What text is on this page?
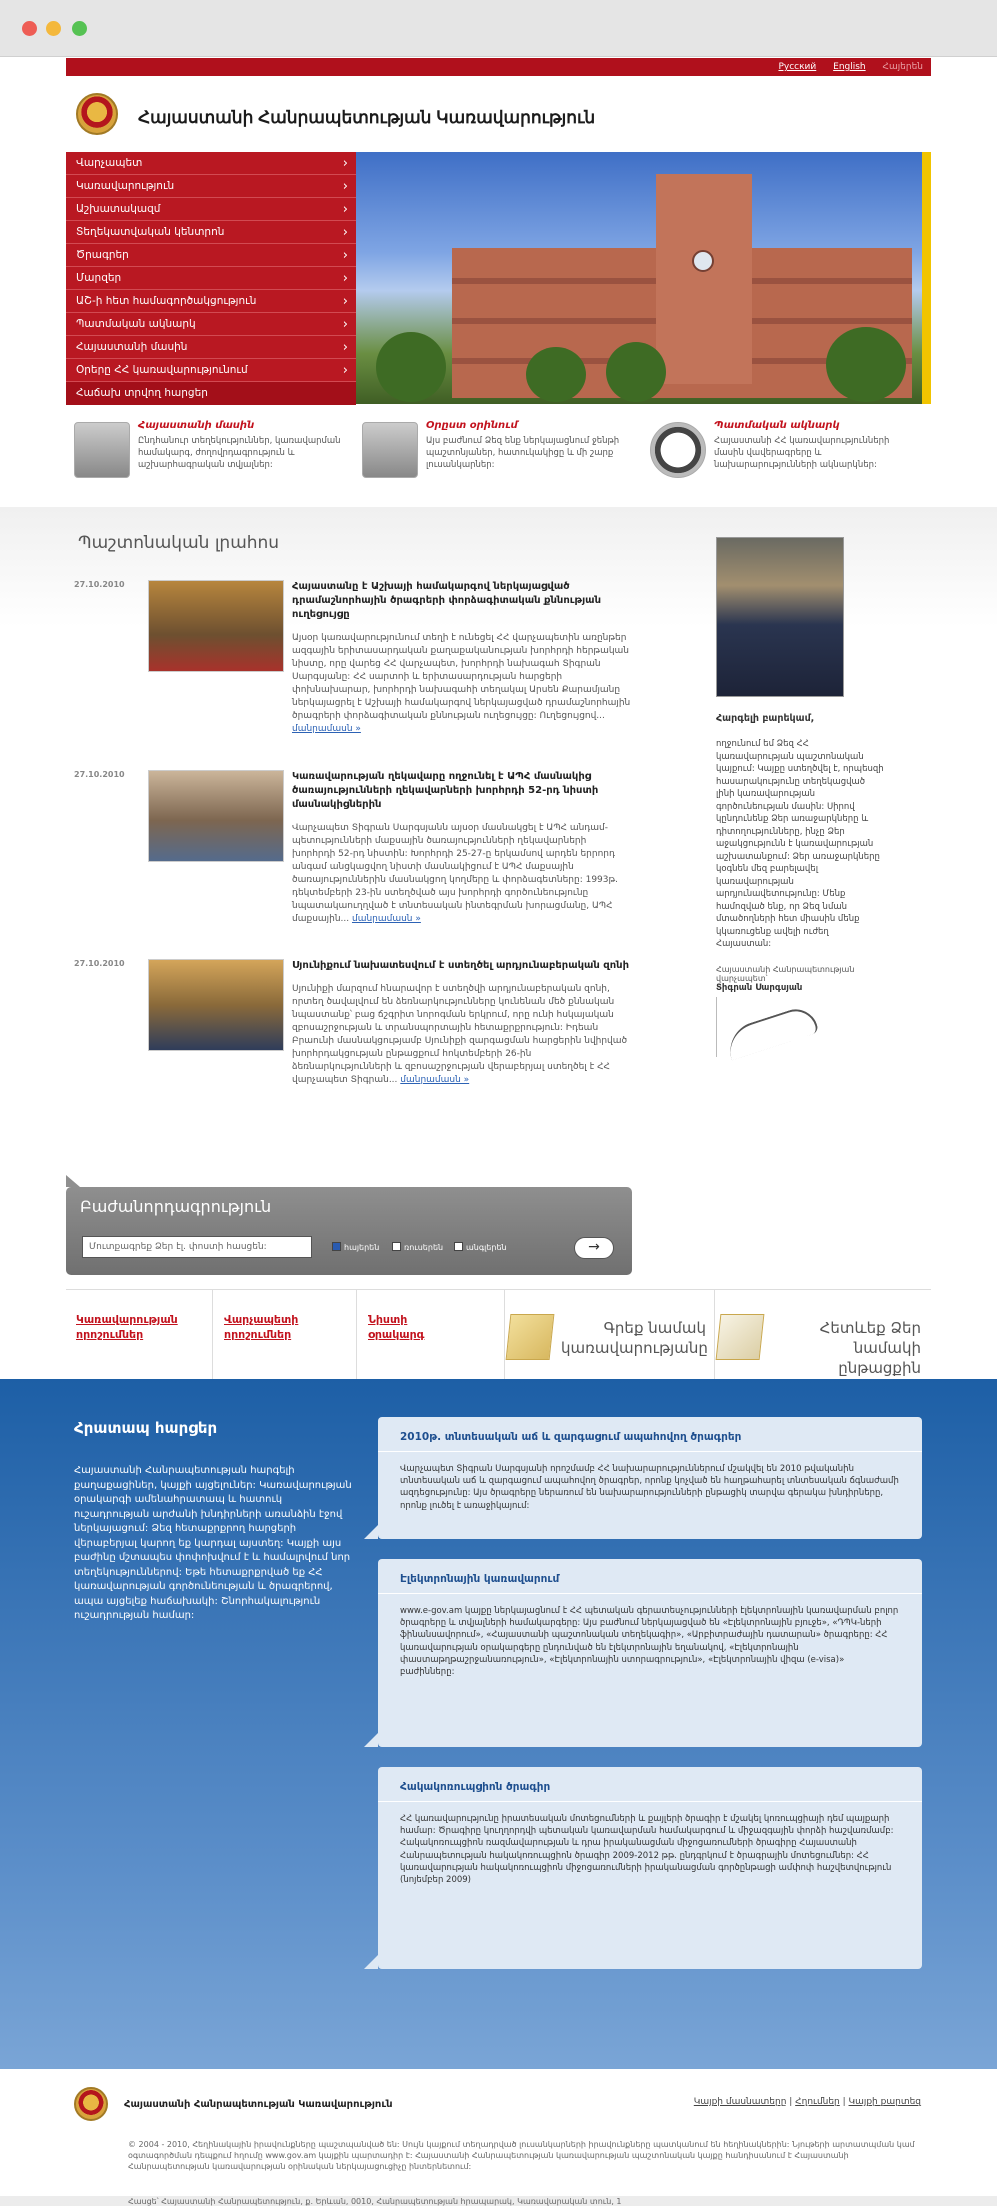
Русский English Հայերեն
Հայաստանի Հանրապետության Կառավարություն
Վարչապետ ›
Կառավարություն ›
Աշխատակազմ ›
Տեղեկատվական կենտրոն ›
Ծրագրեր ›
Մարզեր ›
ԱՇ-ի հետ համագործակցություն ›
Պատմական ակնարկ ›
Հայաստանի մասին ›
Օրերը ՀՀ կառավարությունում ›
Հաճախ տրվող հարցեր
Հայաստանի մասին
Ընդհանուր տեղեկություններ, կառավարման համակարգ, ժողովրդագրություն և աշխարհագրական տվյալներ:
Օրըստ օրինում
Այս բաժնում Ձեզ ենք ներկայացնում ջենթի պաշտոնյաներ, հատուկակիցը և մի շարք լուսանկարներ:
Պատմական ակնարկ
Հայաստանի ՀՀ կառավարությունների մասին վավերագրերը և նախարարությունների ակնարկներ:
Պաշտոնական լրահոս
27.10.2010	Հայաստանը է Աշխայի համակարգով ներկայացված դրամաշնորհային ծրագրերի փորձագիտական քննության ուղեցույցը
Այսօր կառավարությունում տեղի է ունեցել ՀՀ վարչապետին առընթեր ազգային երիտասարդական քաղաքականության խորհրդի հերթական նիստը, որը վարեց ՀՀ վարչապետ, խորհրդի նախագահ Տիգրան Սարգսյանը: ՀՀ սարտոի և երիտասարդության հարցերի փոխնախարար, խորհրդի նախագահի տեղակալ Արսեն Քարամյանը ներկայացրել է Աշխայի համակարգով ներկայացված դրամաշնորհային ծրագրերի փորձագիտական քննության ուղեցույցը: Ուղեցույցով... մանրամասն »
27.10.2010	Կառավարության ղեկավարը ողջունել է ԱՊՀ մասնակից ծառայությունների ղեկավարների խորհրդի 52-րդ նիստի մասնակիցներին
Վարչապետ Տիգրան Սարգսյանն այսօր մասնակցել է ԱՊՀ անդամ-պետությունների մաքսային ծառայությունների ղեկավարների խորհրդի 52-րդ նիստին: Խորհրդի 25-27-ը երկամսով արդեն երրորդ անգամ անցկացվող նիստի մասնակիցում է ԱՊՀ մաքսային ծառայություններին մասնակցող կողմերը և փորձագետները: 1993թ. դեկտեմբերի 23-ին ստեղծված այս խորհրդի գործունեությունը նպատակաուղղված է տնտեսական ինտեգրման խորացմանը, ԱՊՀ մաքսային... մանրամասն »
27.10.2010	Սյունիքում նախատեսվում է ստեղծել արդյունաբերական զոնի
Սյունիքի մարզում հնարավոր է ստեղծվի արդյունաբերական զոնի, որտեղ ծավալվում են ձեռնարկությունները կունենան մեծ քննական նպաստանք՝ բաց ճշգրիտ նորոգման երկրում, որը ունի հսկայական զբոսաշրջության և տրանսպորտային հետաքրքրություն: Իդեան Բրաունի մասնակցությամբ Սյունիքի զարգացման հարցերին նվիրված խորհրդակցության ընթացքում հոկտեմբերի 26-ին ձեռնարկությունների և զբոսաշրջության վերաբերյալ ստեղծել է ՀՀ վարչապետ Տիգրան... մանրամասն »
Հարգելի բարեկամ,
ողջունում եմ Ձեզ ՀՀ կառավարության պաշտոնական կայքում: Կայքը ստեղծվել է, որպեսզի հասարակությունը տեղեկացված լինի կառավարության գործունեության մասին: Սիրով կընդունենք Ձեր առաջարկները և դիտողությունները, ինչը Ձեր աջակցությունն է կառավարության աշխատանքում: Ձեր առաջարկները կօգնեն մեզ բարելավել կառավարության արդյունավետությունը: Մենք համոզված ենք, որ Ձեզ նման մտածողների հետ միասին մենք կկառուցենք ավելի ուժեղ Հայաստան:
Հայաստանի Հանրապետության վարչապետ՝
Տիգրան Սարգսյան
Բաժանորդագրություն
Մուտքագրեք Ձեր էլ. փոստի հասցեն:	հայերեն	ռուսերեն	անգլերեն	→
Կառավարության որոշումներ
Վարչապետի որոշումներ
Նիստի օրակարգ	Գրեք նամակ կառավարությանը
Հետևեք Ձեր նամակի ընթացքին
Հրատապ հարցեր
Հայաստանի Հանրապետության հարգելի քաղաքացիներ, կայքի այցելուներ: Կառավարության օրակարգի ամենահրատապ և հատուկ ուշադրության արժանի խնդիրների առանձին էջով ներկայացում: Ձեզ հետաքրքրող հարցերի վերաբերյալ կարող եք կարդալ այստեղ: Կայքի այս բաժինը մշտապես փոփոխվում է և համալրվում նոր տեղեկություններով: Եթե հետաքրքրված եք ՀՀ կառավարության գործունեության և ծրագրերով, ապա այցելեք հաճախակի: Շնորհակալություն ուշադրության համար:
2010թ. տնտեսական աճ և զարգացում ապահովող ծրագրեր
Վարչապետ Տիգրան Սարգսյանի որոշմամբ ՀՀ նախարարություններում մշակվել են 2010 թվականին տնտեսական աճ և զարգացում ապահովող ծրագրեր, որոնք կոչված են հաղթահարել տնտեսական ճգնաժամի ազդեցությունը: Այս ծրագրերը ներառում են նախարարությունների ընթացիկ տարվա գերակա խնդիրները, որոնք լուծել է առաջիկայում:
Էլեկտրոնային կառավարում
www.e-gov.am կայքը ներկայացնում է ՀՀ պետական գերատեսչությունների էլեկտրոնային կառավարման բոլոր ծրագրերը և տվյալների համակարգերը: Այս բաժնում ներկայացված են «Էլեկտրոնային բյուջե», «ԴՊԿ-ների ֆինանսավորում», «Հայաստանի պաշտոնական տեղեկագիր», «Արբիտրաժային դատարան» ծրագրերը: ՀՀ կառավարության օրակարգերը ընդունված են էլեկտրոնային եղանակով, «Էլեկտրոնային փաստաթղթաշրջանառություն», «Էլեկտրոնային ստորագրություն», «Էլեկտրոնային վիզա (e-visa)» բաժինները:
Հակակոռուպցիոն ծրագիր
ՀՀ կառավարությունը իրատեսական մոտեցումների և քայլերի ծրագիր է մշակել կոռուպցիայի դեմ պայքարի համար: Ծրագիրը կուղղորդվի պետական կառավարման համակարգում և միջազգային փորձի հաշվառմամբ: Հակակոռուպցիոն ռազմավարության և դրա իրականացման միջոցառումների ծրագիրը Հայաստանի Հանրապետության հակակոռուպցիոն ծրագիր 2009-2012 թթ. ընդգրկում է ծրագրային մոտեցումներ: ՀՀ կառավարության հակակոռուպցիոն միջոցառումների իրականացման գործընթացի ամփոփ հաշվետվություն (նոյեմբեր 2009)
Հայաստանի Հանրապետության Կառավարություն	Կայքի մասնատերը | Հղումներ | Կայքի քարտեզ
© 2004 - 2010, Հեղինակային իրավունքները պաշտպանված են: Սույն կայքում տեղադրված լուսանկարների իրավունքները պատկանում են հեղինակներին: Նյութերի արտատպման կամ օգտագործման դեպքում հղումը www.gov.am կայքին պարտադիր է: Հայաստանի Հանրապետության կառավարության պաշտոնական կայքը հանդիսանում է Հայաստանի Հանրապետության կառավարության օրինական ներկայացուցիչը ինտերնետում:
Հասցե՝ Հայաստանի Հանրապետություն, ք. Երևան, 0010, Հանրապետության հրապարակ, Կառավարական տուն, 1
